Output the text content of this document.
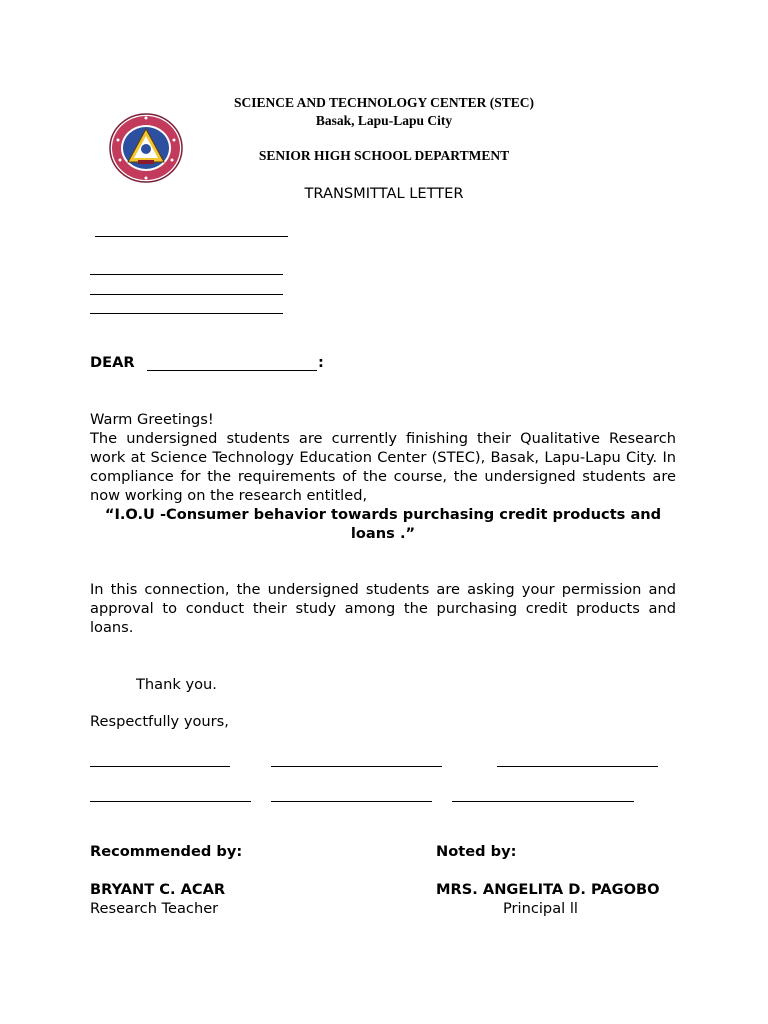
SCIENCE AND TECHNOLOGY CENTER (STEC)
Basak, Lapu-Lapu City
SENIOR HIGH SCHOOL DEPARTMENT
TRANSMITTAL LETTER
DEAR	:

Warm Greetings!

The undersigned students are currently finishing their Qualitative Research work at Science Technology Education Center (STEC), Basak, Lapu-Lapu City. In compliance for the requirements of the course, the undersigned students are now working on the research entitled,

“I.O.U -Consumer behavior towards purchasing credit products and loans .”
In this connection, the undersigned students are asking your permission and approval to conduct their study among the purchasing credit products and loans.
Thank you.
Respectfully yours,
Recommended by:	Noted by:
BRYANT C. ACAR	MRS. ANGELITA D. PAGOBO
Research Teacher	Principal ll
